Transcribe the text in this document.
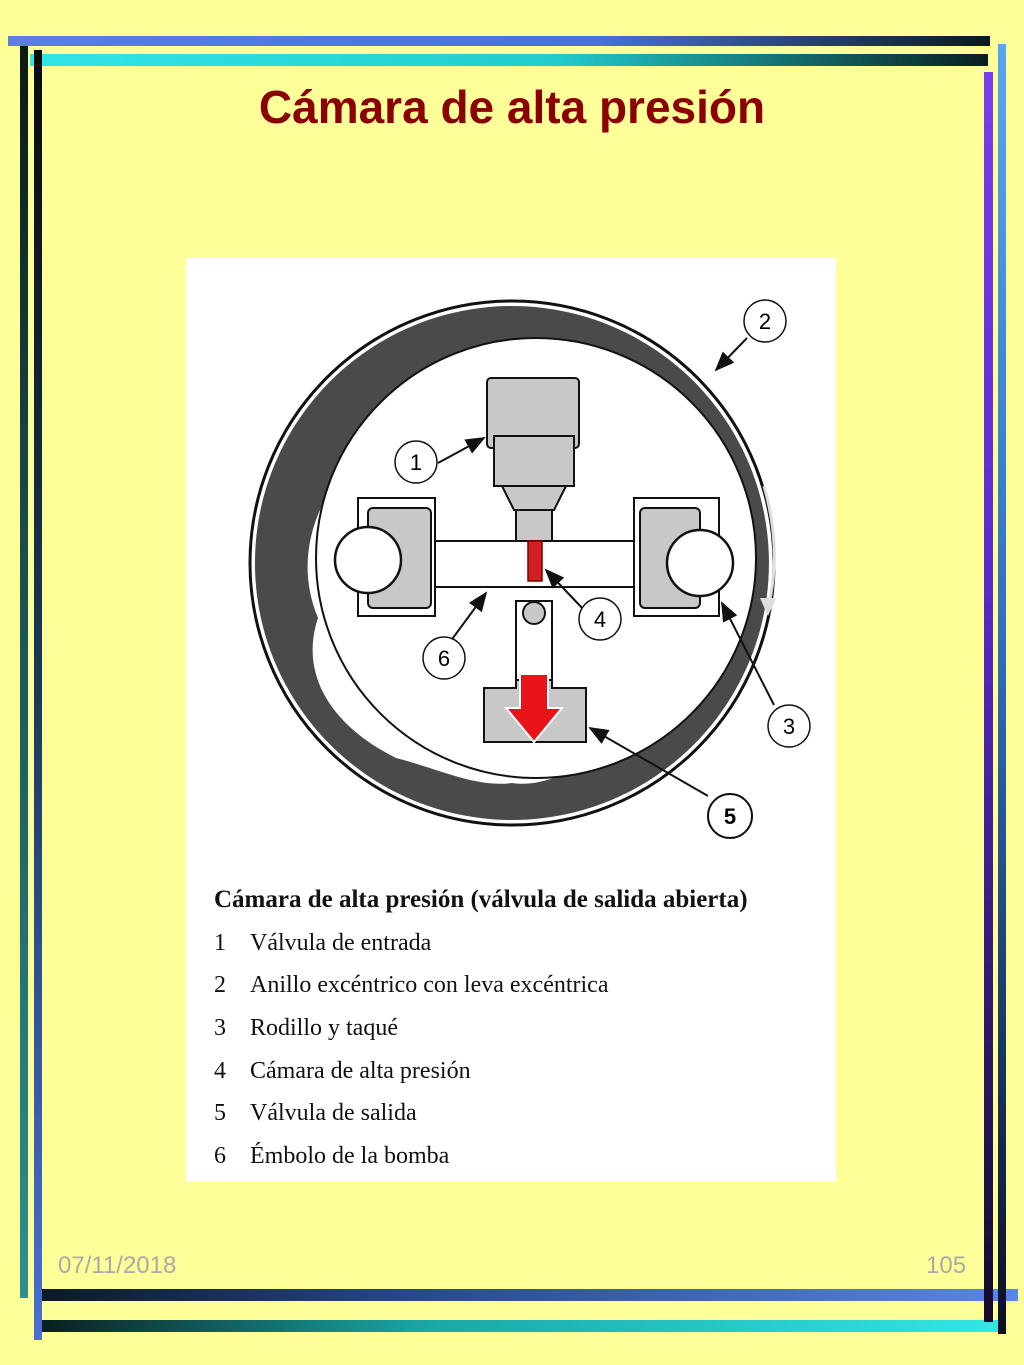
Cámara de alta presión
1
2
3
4
5
6
Cámara de alta presión (válvula de salida abierta)
1	Válvula de entrada
2	Anillo excéntrico con leva excéntrica
3	Rodillo y taqué
4	Cámara de alta presión
5	Válvula de salida
6	Émbolo de la bomba
07/11/2018	105
